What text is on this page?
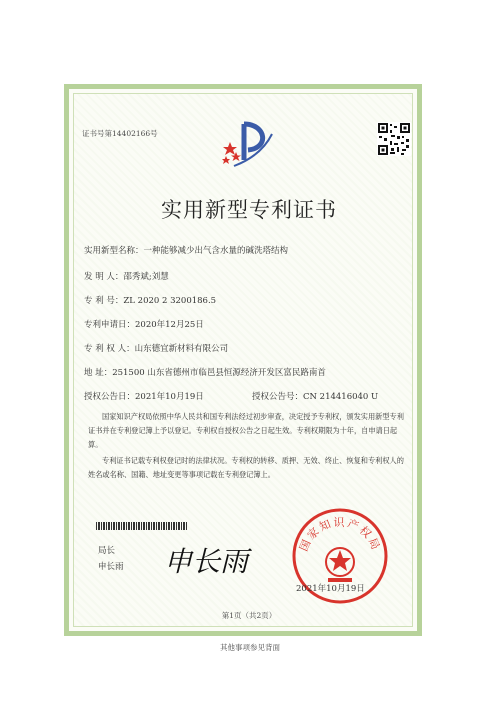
证书号第14402166号
实用新型专利证书
实用新型名称：一种能够减少出气含水量的碱洗塔结构
发 明 人：邵秀斌;刘慧
专 利 号：ZL 2020 2 3200186.5
专利申请日：2020年12月25日
专 利 权 人：山东德宜新材料有限公司
地 址：251500 山东省德州市临邑县恒源经济开发区富民路南首
授权公告日：2021年10月19日	授权公告号：CN 214416040 U
国家知识产权局依照中华人民共和国专利法经过初步审查，决定授予专利权，颁发实用新型专利证书并在专利登记簿上予以登记。专利权自授权公告之日起生效。专利权期限为十年，自申请日起算。
专利证书记载专利权登记时的法律状况。专利权的转移、质押、无效、终止、恢复和专利权人的姓名或名称、国籍、地址变更等事项记载在专利登记簿上。
局长
申长雨 申长雨
国家知识产权局
2021年10月19日
第1页（共2页）
其他事项参见背面
